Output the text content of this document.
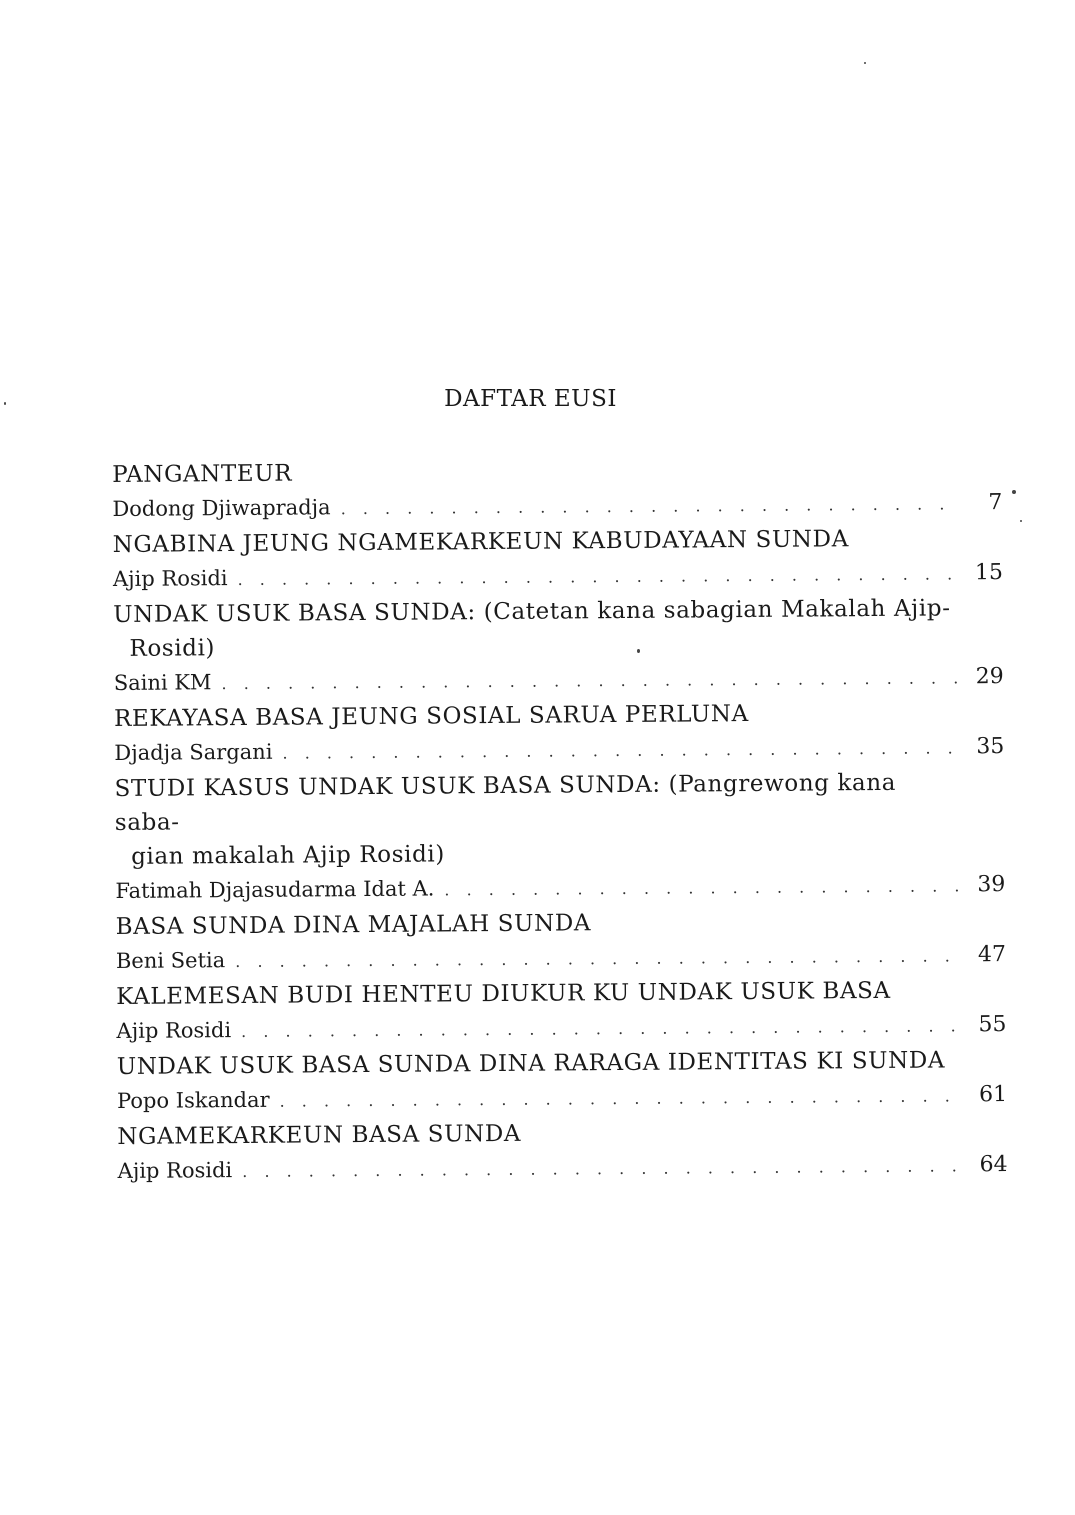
DAFTAR EUSI
PANGANTEUR
Dodong Djiwapradja . . .	7
NGABINA JEUNG NGAMEKARKEUN KABUDAYAAN SUNDA
Ajip Rosidi . . .	15
UNDAK USUK BASA SUNDA: (Catetan kana sabagian Makalah Ajip-
Rosidi)
Saini KM . . .	29
REKAYASA BASA JEUNG SOSIAL SARUA PERLUNA
Djadja Sargani . . .	35
STUDI KASUS UNDAK USUK BASA SUNDA: (Pangrewong kana saba-
gian makalah Ajip Rosidi)
Fatimah Djajasudarma Idat A. . . .	39
BASA SUNDA DINA MAJALAH SUNDA
Beni Setia . . .	47
KALEMESAN BUDI HENTEU DIUKUR KU UNDAK USUK BASA
Ajip Rosidi . . .	55
UNDAK USUK BASA SUNDA DINA RARAGA IDENTITAS KI SUNDA
Popo Iskandar . . .	61
NGAMEKARKEUN BASA SUNDA
Ajip Rosidi . . .	64
